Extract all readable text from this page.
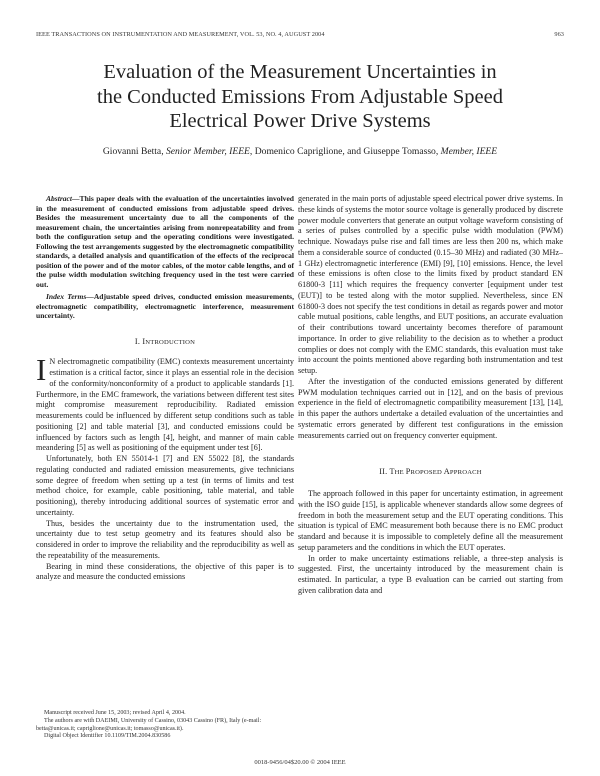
IEEE TRANSACTIONS ON INSTRUMENTATION AND MEASUREMENT, VOL. 53, NO. 4, AUGUST 2004	963
Evaluation of the Measurement Uncertainties in
the Conducted Emissions From Adjustable Speed
Electrical Power Drive Systems
Giovanni Betta, Senior Member, IEEE, Domenico Capriglione, and Giuseppe Tomasso, Member, IEEE

Abstract—This paper deals with the evaluation of the uncertainties involved in the measurement of conducted emissions from adjustable speed drives. Besides the measurement uncertainty due to all the components of the measurement chain, the uncertainties arising from nonrepeatability and from both the configuration setup and the operating conditions were investigated. Following the test arrangements suggested by the electromagnetic compatibility standards, a detailed analysis and quantification of the effects of the reciprocal position of the power and of the motor cables, of the motor cable lengths, and of the pulse width modulation switching frequency used in the test were carried out.

Index Terms—Adjustable speed drives, conducted emission measurements, electromagnetic compatibility, electromagnetic interference, measurement uncertainty.

I. INTRODUCTION

I N electromagnetic compatibility (EMC) contexts measurement uncertainty estimation is a critical factor, since it plays an essential role in the decision of the conformity/nonconformity of a product to applicable standards [1]. Furthermore, in the EMC framework, the variations between different test sites might compromise measurement reproducibility. Radiated emission measurements could be influenced by different setup conditions such as table positioning [2] and table material [3], and conducted emissions could be influenced by factors such as length [4], height, and manner of main cable meandering [5] as well as positioning of the equipment under test [6].

Unfortunately, both EN 55014-1 [7] and EN 55022 [8], the standards regulating conducted and radiated emission measurements, give technicians some degree of freedom when setting up a test (in terms of limits and test method choice, for example, cable positioning, table material, and table positioning), thereby introducing additional sources of systematic error and uncertainty.

Thus, besides the uncertainty due to the instrumentation used, the uncertainty due to test setup geometry and its features should also be considered in order to improve the reliability and the reproducibility as well as the repeatability of the measurements.

Bearing in mind these considerations, the objective of this paper is to analyze and measure the conducted emissions

generated in the main ports of adjustable speed electrical power drive systems. In these kinds of systems the motor source voltage is generally produced by discrete power module converters that generate an output voltage waveform consisting of a series of pulses controlled by a specific pulse width modulation (PWM) technique. Nowadays pulse rise and fall times are less then 200 ns, which make them a considerable source of conducted (0.15–30 MHz) and radiated (30 MHz–1 GHz) electromagnetic interference (EMI) [9], [10] emissions. Hence, the level of these emissions is often close to the limits fixed by product standard EN 61800-3 [11] which requires the frequency converter [equipment under test (EUT)] to be tested along with the motor supplied. Nevertheless, since EN 61800-3 does not specify the test conditions in detail as regards power and motor cable mutual positions, cable lengths, and EUT positions, an accurate evaluation of their contributions toward uncertainty becomes therefore of paramount importance. In order to give reliability to the decision as to whether a product complies or does not comply with the EMC standards, this evaluation must take into account the points mentioned above regarding both instrumentation and test setup.

After the investigation of the conducted emissions generated by different PWM modulation techniques carried out in [12], and on the basis of previous experience in the field of electromagnetic compatibility measurement [13], [14], in this paper the authors undertake a detailed evaluation of the uncertainties and systematic errors generated by different test configurations in the emission measurements carried out on frequency converter equipment.

II. THE PROPOSED APPROACH

The approach followed in this paper for uncertainty estimation, in agreement with the ISO guide [15], is applicable whenever standards allow some degrees of freedom in both the measurement setup and the EUT operating conditions. This situation is typical of EMC measurement both because there is no EMC product standard and because it is impossible to completely define all the measurement setup parameters and the conditions in which the EUT operates.

In order to make uncertainty estimations reliable, a three-step analysis is suggested. First, the uncertainty introduced by the measurement chain is estimated. In particular, a type B evaluation can be carried out starting from given calibration data and

Manuscript received June 15, 2003; revised April 4, 2004.

The authors are with DAEIMI, University of Cassino, 03043 Cassino (FR), Italy (e-mail: betta@unicas.it; capriglione@unicas.it; tomasso@unicas.it).

Digital Object Identifier 10.1109/TIM.2004.830586

0018-9456/04$20.00 © 2004 IEEE
